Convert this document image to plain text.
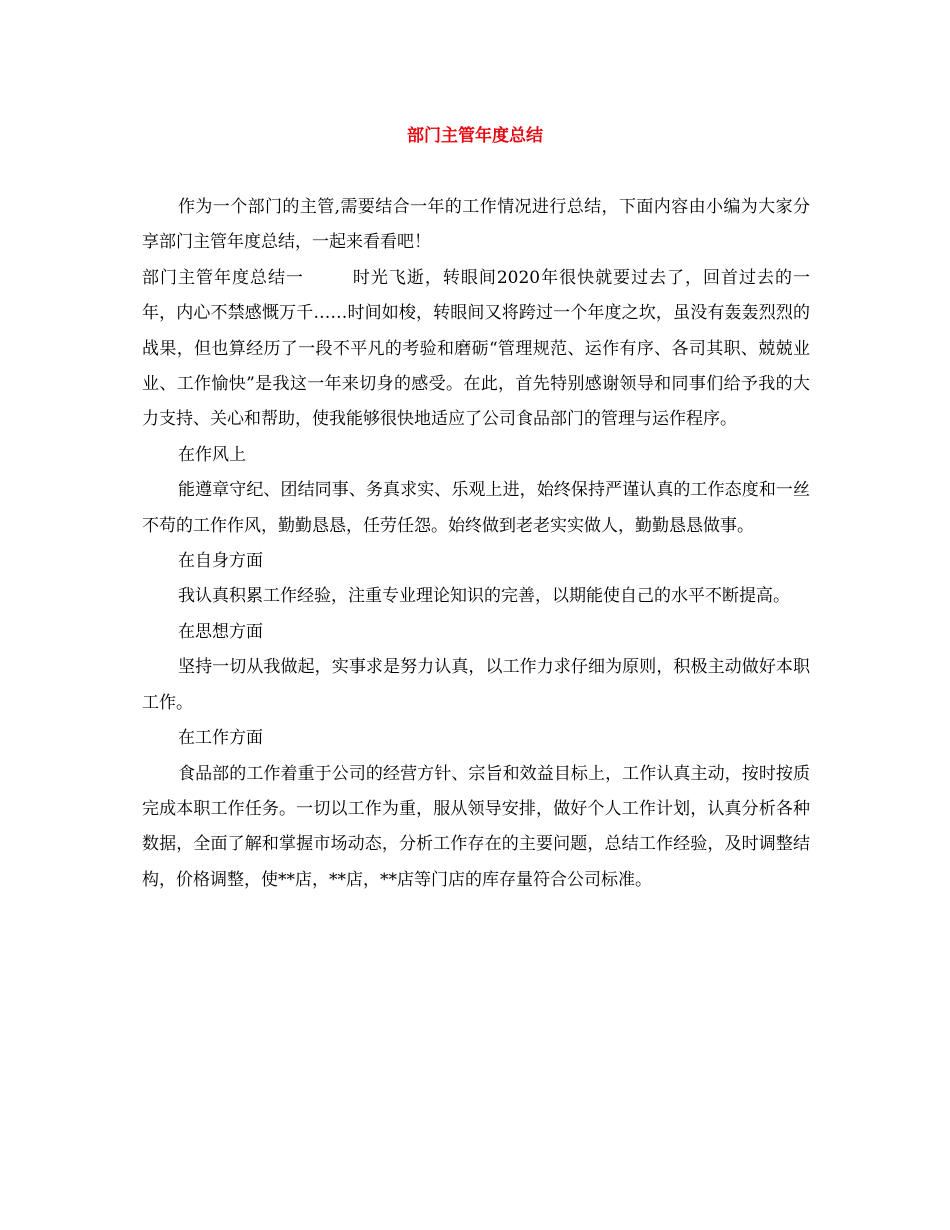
部门主管年度总结

作为一个部门的主管,需要结合一年的工作情况进行总结，下面内容由小编为大家分享部门主管年度总结，一起来看看吧！

部门主管年度总结一	时光飞逝，转眼间2020年很快就要过去了，回首过去的一年，内心不禁感慨万千……时间如梭，转眼间又将跨过一个年度之坎，虽没有轰轰烈烈的战果，但也算经历了一段不平凡的考验和磨砺“管理规范、运作有序、各司其职、兢兢业业、工作愉快”是我这一年来切身的感受。在此，首先特别感谢领导和同事们给予我的大力支持、关心和帮助，使我能够很快地适应了公司食品部门的管理与运作程序。

在作风上

能遵章守纪、团结同事、务真求实、乐观上进，始终保持严谨认真的工作态度和一丝不苟的工作作风，勤勤恳恳，任劳任怨。始终做到老老实实做人，勤勤恳恳做事。

在自身方面

我认真积累工作经验，注重专业理论知识的完善，以期能使自己的水平不断提高。

在思想方面

坚持一切从我做起，实事求是努力认真，以工作力求仔细为原则，积极主动做好本职工作。

在工作方面

食品部的工作着重于公司的经营方针、宗旨和效益目标上，工作认真主动，按时按质完成本职工作任务。一切以工作为重，服从领导安排，做好个人工作计划，认真分析各种数据，全面了解和掌握市场动态，分析工作存在的主要问题，总结工作经验，及时调整结构，价格调整，使**店，**店，**店等门店的库存量符合公司标准。
